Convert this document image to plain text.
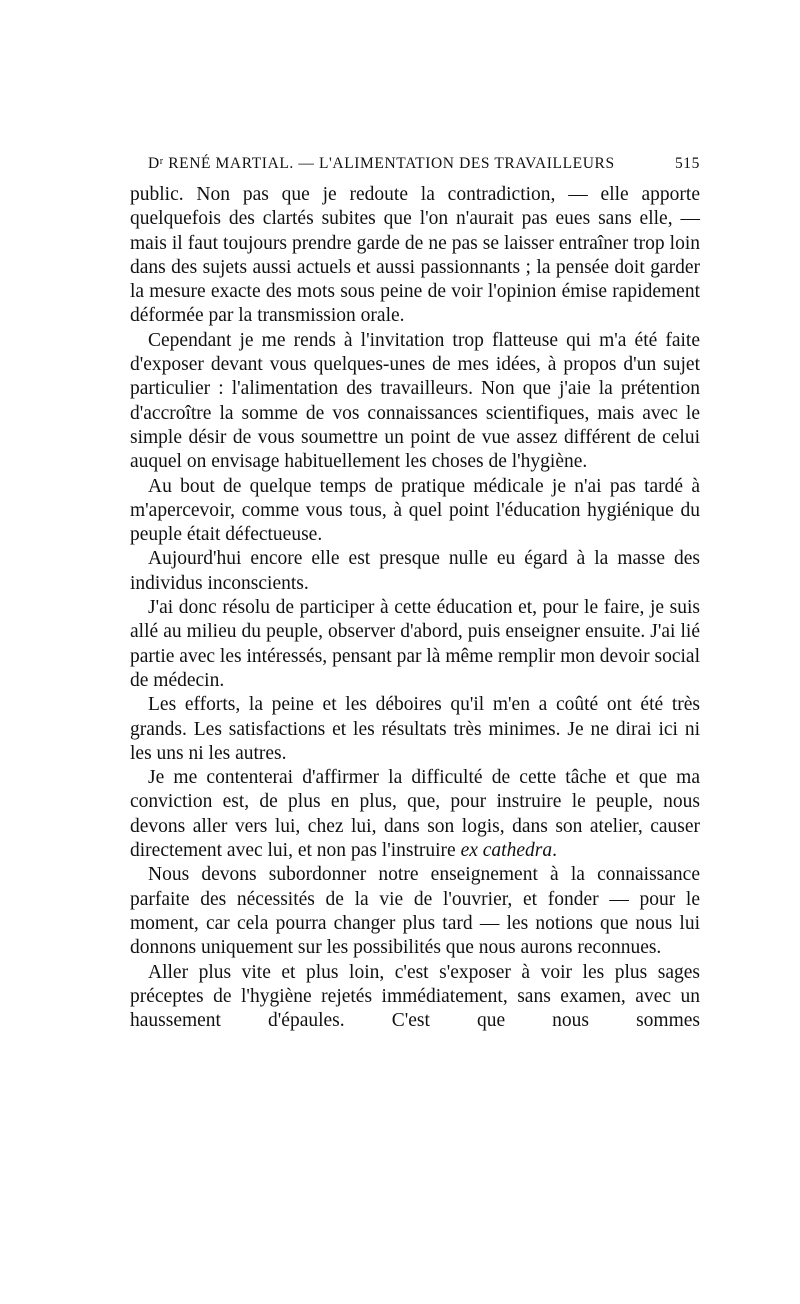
$D^r$ RENÉ MARTIAL. — L'ALIMENTATION DES TRAVAILLEURS	515

public. Non pas que je redoute la contradiction, — elle apporte quelquefois des clartés subites que l'on n'aurait pas eues sans elle, — mais il faut toujours prendre garde de ne pas se laisser entraîner trop loin dans des sujets aussi actuels et aussi passionnants ; la pensée doit garder la mesure exacte des mots sous peine de voir l'opinion émise rapidement déformée par la transmission orale.

Cependant je me rends à l'invitation trop flatteuse qui m'a été faite d'exposer devant vous quelques-unes de mes idées, à propos d'un sujet particulier : l'alimentation des travailleurs. Non que j'aie la prétention d'accroître la somme de vos connaissances scientifiques, mais avec le simple désir de vous soumettre un point de vue assez différent de celui auquel on envisage habituellement les choses de l'hygiène.

Au bout de quelque temps de pratique médicale je n'ai pas tardé à m'apercevoir, comme vous tous, à quel point l'éducation hygiénique du peuple était défectueuse.

Aujourd'hui encore elle est presque nulle eu égard à la masse des individus inconscients.

J'ai donc résolu de participer à cette éducation et, pour le faire, je suis allé au milieu du peuple, observer d'abord, puis enseigner ensuite. J'ai lié partie avec les intéressés, pensant par là même remplir mon devoir social de médecin.

Les efforts, la peine et les déboires qu'il m'en a coûté ont été très grands. Les satisfactions et les résultats très minimes. Je ne dirai ici ni les uns ni les autres.

Je me contenterai d'affirmer la difficulté de cette tâche et que ma conviction est, de plus en plus, que, pour instruire le peuple, nous devons aller vers lui, chez lui, dans son logis, dans son atelier, causer directement avec lui, et non pas l'instruire ex cathedra.

Nous devons subordonner notre enseignement à la connaissance parfaite des nécessités de la vie de l'ouvrier, et fonder — pour le moment, car cela pourra changer plus tard — les notions que nous lui donnons uniquement sur les possibilités que nous aurons reconnues.

Aller plus vite et plus loin, c'est s'exposer à voir les plus sages préceptes de l'hygiène rejetés immédiatement, sans examen, avec un haussement d'épaules. C'est que nous sommes
